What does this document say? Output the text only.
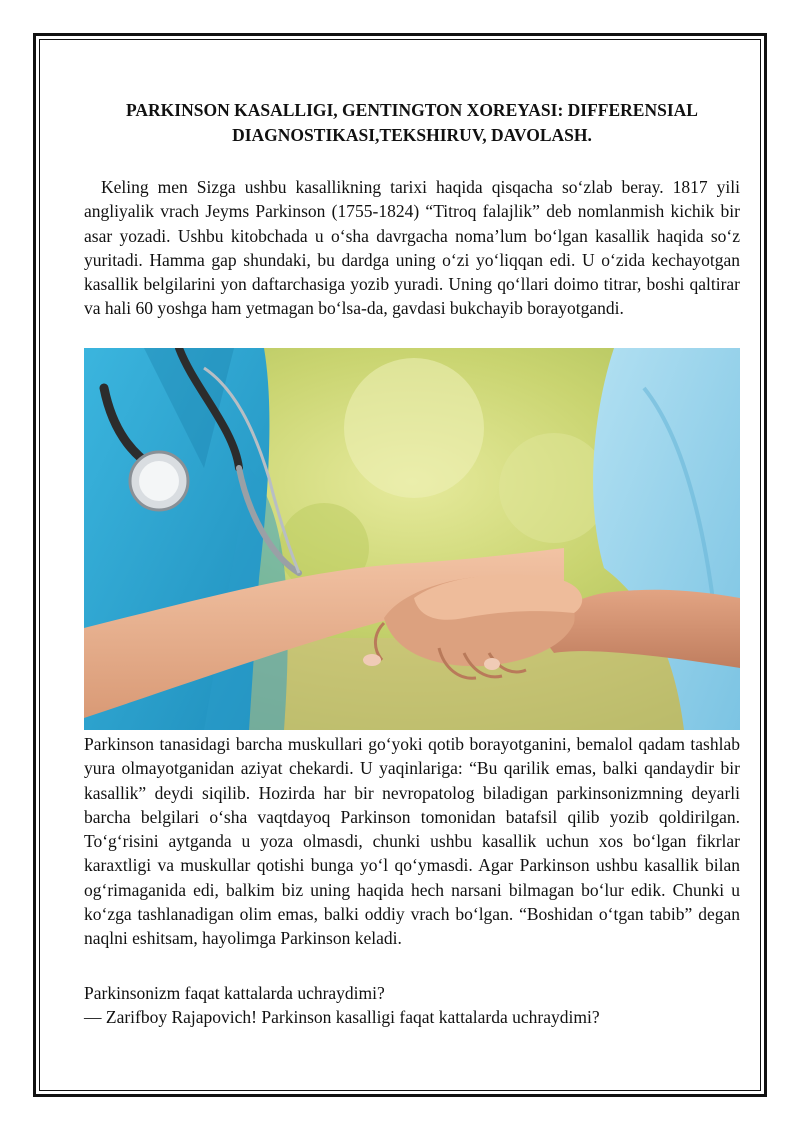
PARKINSON KASALLIGI, GENTINGTON XOREYASI: DIFFERENSIAL DIAGNOSTIKASI,TEKSHIRUV, DAVOLASH.

Keling men Sizga ushbu kasallikning tarixi haqida qisqacha so‘zlab beray. 1817 yili angliyalik vrach Jeyms Parkinson (1755-1824) “Titroq falajlik” deb nomlanmish kichik bir asar yozadi. Ushbu kitobchada u o‘sha davrgacha noma’lum bo‘lgan kasallik haqida so‘z yuritadi. Hamma gap shundaki, bu dardga uning o‘zi yo‘liqqan edi. U o‘zida kechayotgan kasallik belgilarini yon daftarchasiga yozib yuradi. Uning qo‘llari doimo titrar, boshi qaltirar va hali 60 yoshga ham yetmagan bo‘lsa-da, gavdasi bukchayib borayotgandi.

Parkinson tanasidagi barcha muskullari go‘yoki qotib borayotganini, bemalol qadam tashlab yura olmayotganidan aziyat chekardi. U yaqinlariga: “Bu qarilik emas, balki qandaydir bir kasallik” deydi siqilib. Hozirda har bir nevropatolog biladigan parkinsonizmning deyarli barcha belgilari o‘sha vaqtdayoq Parkinson tomonidan batafsil qilib yozib qoldirilgan. To‘g‘risini aytganda u yoza olmasdi, chunki ushbu kasallik uchun xos bo‘lgan fikrlar karaxtligi va muskullar qotishi bunga yo‘l qo‘ymasdi. Agar Parkinson ushbu kasallik bilan og‘rimaganida edi, balkim biz uning haqida hech narsani bilmagan bo‘lur edik. Chunki u ko‘zga tashlanadigan olim emas, balki oddiy vrach bo‘lgan. “Boshidan o‘tgan tabib” degan naqlni eshitsam, hayolimga Parkinson keladi.

Parkinsonizm faqat kattalarda uchraydimi?

— Zarifboy Rajapovich! Parkinson kasalligi faqat kattalarda uchraydimi?
